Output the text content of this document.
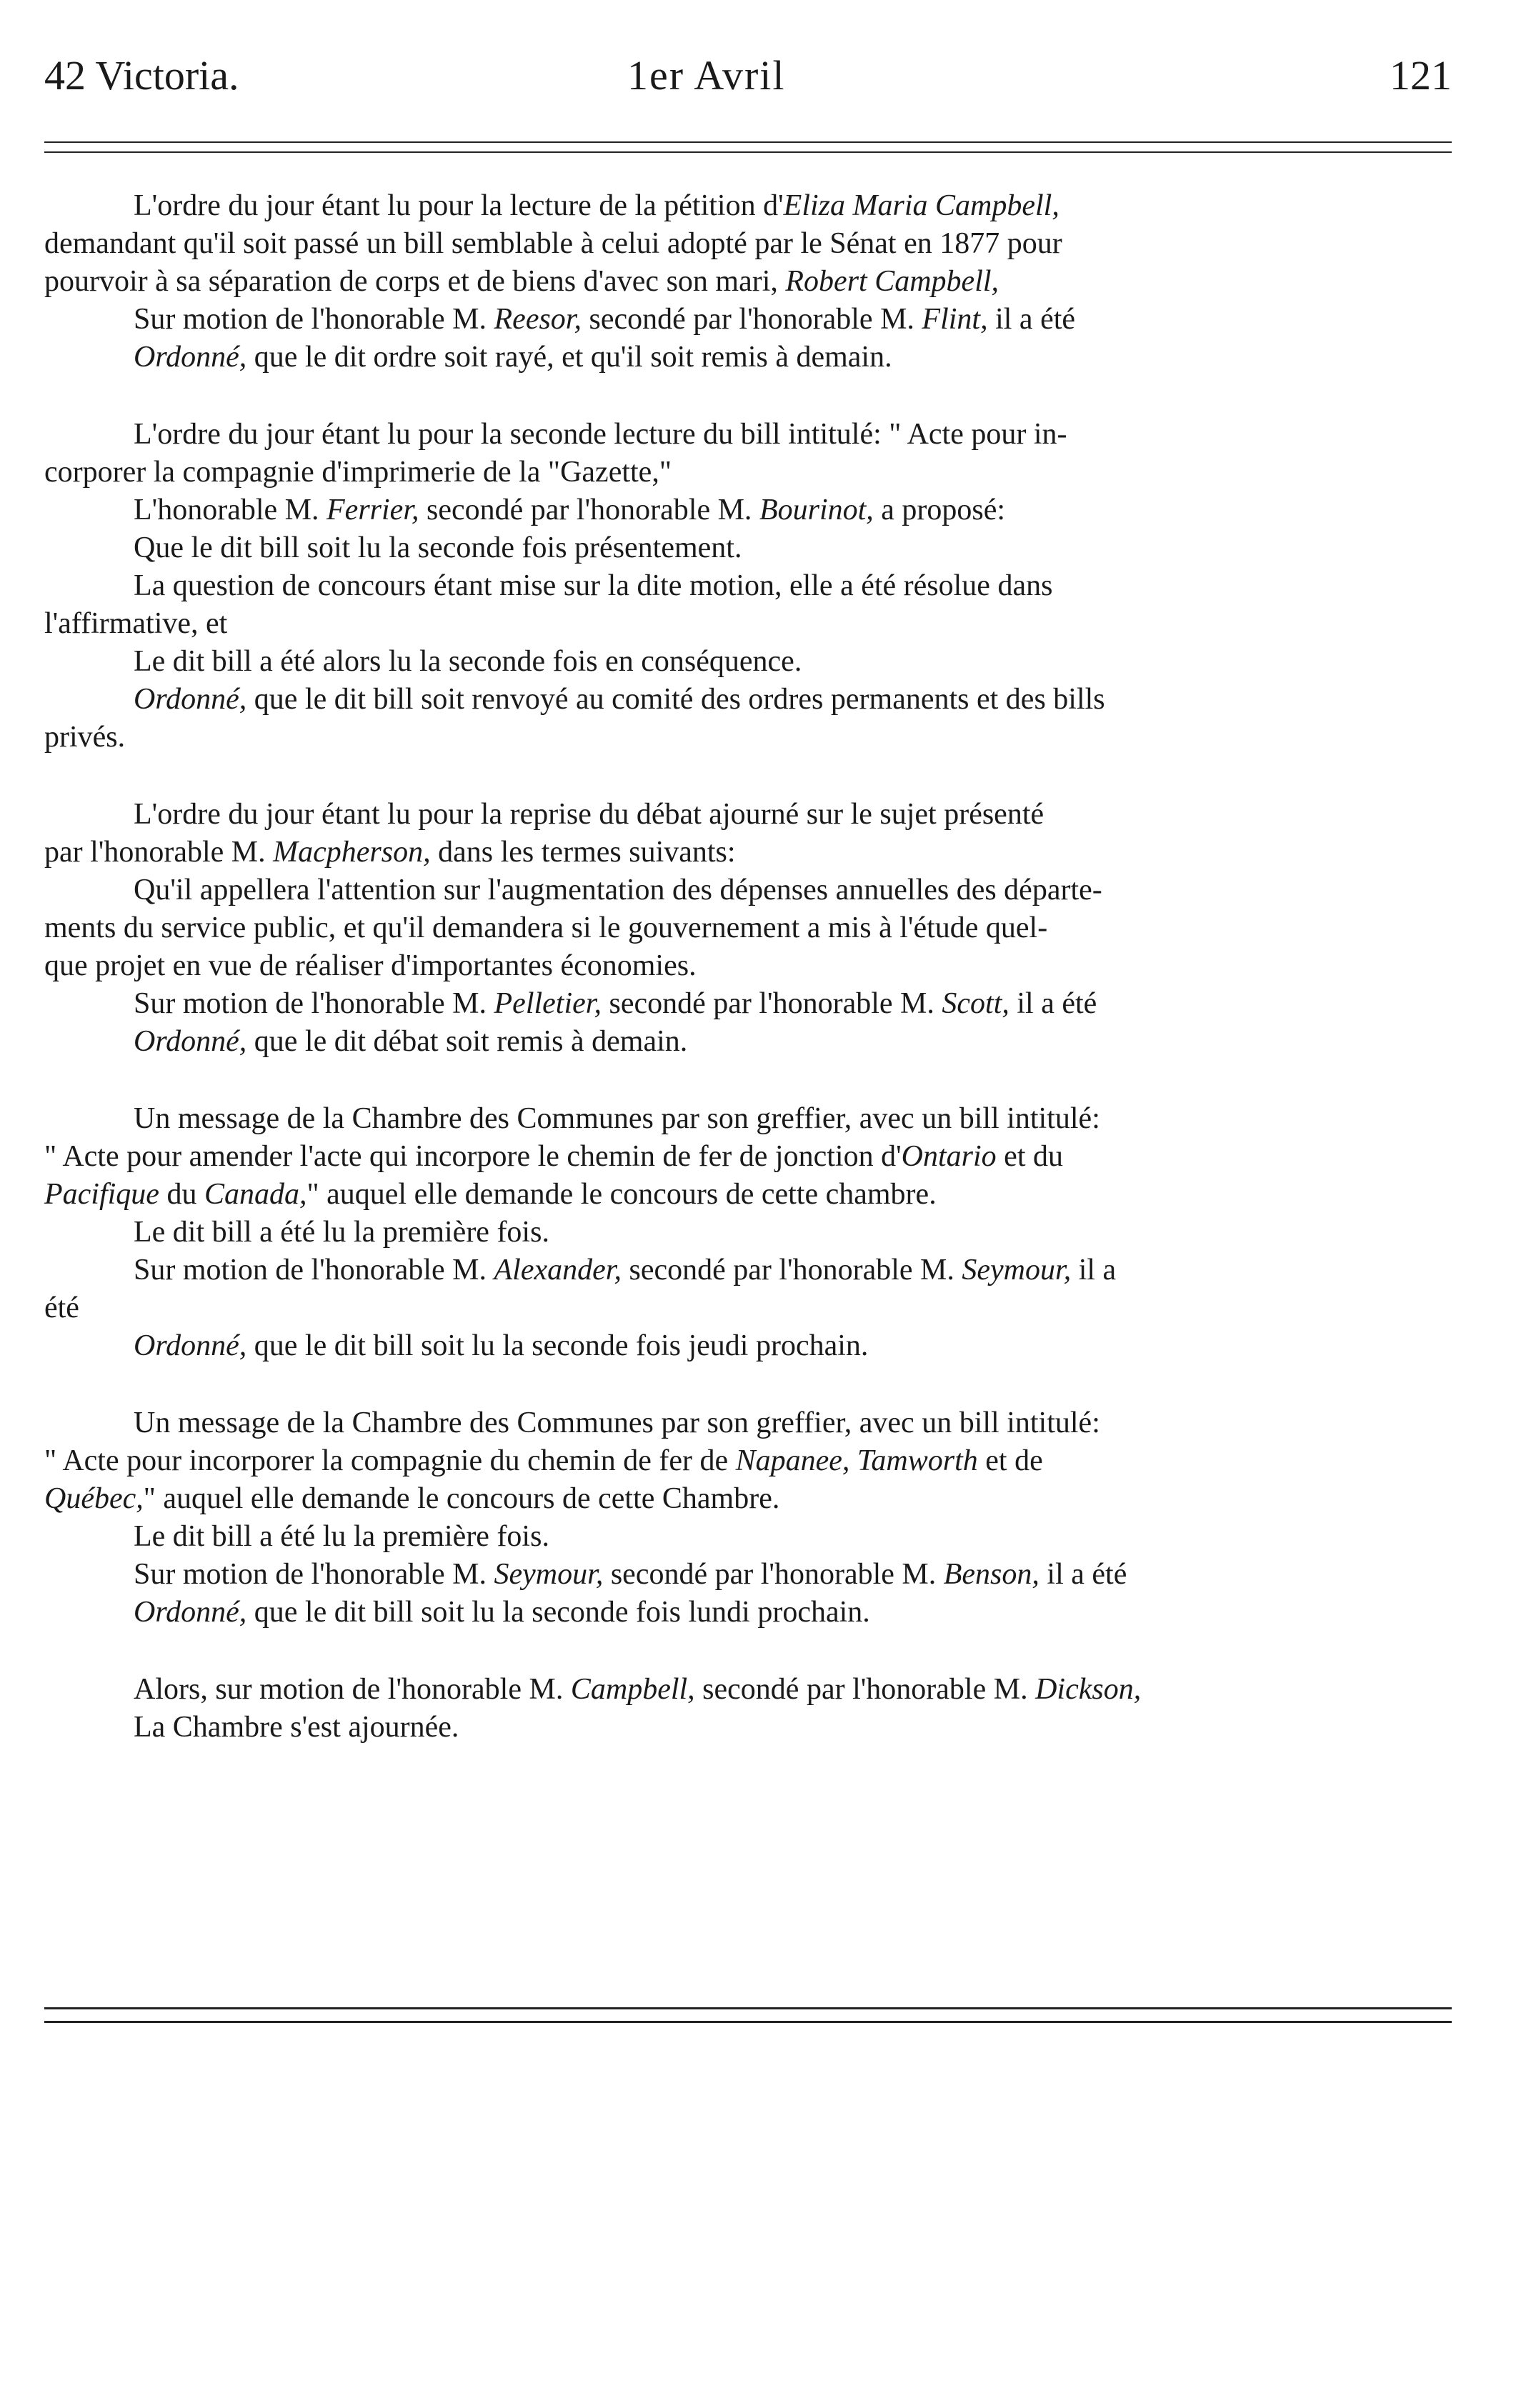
42 Victoria.	1er Avril	121
L'ordre du jour étant lu pour la lecture de la pétition d'Eliza Maria Campbell,
demandant qu'il soit passé un bill semblable à celui adopté par le Sénat en 1877 pour
pourvoir à sa séparation de corps et de biens d'avec son mari, Robert Campbell,
Sur motion de l'honorable M. Reesor, secondé par l'honorable M. Flint, il a été
Ordonné, que le dit ordre soit rayé, et qu'il soit remis à demain.
L'ordre du jour étant lu pour la seconde lecture du bill intitulé: " Acte pour in-
corporer la compagnie d'imprimerie de la "Gazette,"
L'honorable M. Ferrier, secondé par l'honorable M. Bourinot, a proposé:
Que le dit bill soit lu la seconde fois présentement.
La question de concours étant mise sur la dite motion, elle a été résolue dans
l'affirmative, et
Le dit bill a été alors lu la seconde fois en conséquence.
Ordonné, que le dit bill soit renvoyé au comité des ordres permanents et des bills
privés.
L'ordre du jour étant lu pour la reprise du débat ajourné sur le sujet présenté
par l'honorable M. Macpherson, dans les termes suivants:
Qu'il appellera l'attention sur l'augmentation des dépenses annuelles des départe-
ments du service public, et qu'il demandera si le gouvernement a mis à l'étude quel-
que projet en vue de réaliser d'importantes économies.
Sur motion de l'honorable M. Pelletier, secondé par l'honorable M. Scott, il a été
Ordonné, que le dit débat soit remis à demain.
Un message de la Chambre des Communes par son greffier, avec un bill intitulé:
" Acte pour amender l'acte qui incorpore le chemin de fer de jonction d'Ontario et du
Pacifique du Canada," auquel elle demande le concours de cette chambre.
Le dit bill a été lu la première fois.
Sur motion de l'honorable M. Alexander, secondé par l'honorable M. Seymour, il a
été
Ordonné, que le dit bill soit lu la seconde fois jeudi prochain.
Un message de la Chambre des Communes par son greffier, avec un bill intitulé:
" Acte pour incorporer la compagnie du chemin de fer de Napanee, Tamworth et de
Québec," auquel elle demande le concours de cette Chambre.
Le dit bill a été lu la première fois.
Sur motion de l'honorable M. Seymour, secondé par l'honorable M. Benson, il a été
Ordonné, que le dit bill soit lu la seconde fois lundi prochain.
Alors, sur motion de l'honorable M. Campbell, secondé par l'honorable M. Dickson,
La Chambre s'est ajournée.
